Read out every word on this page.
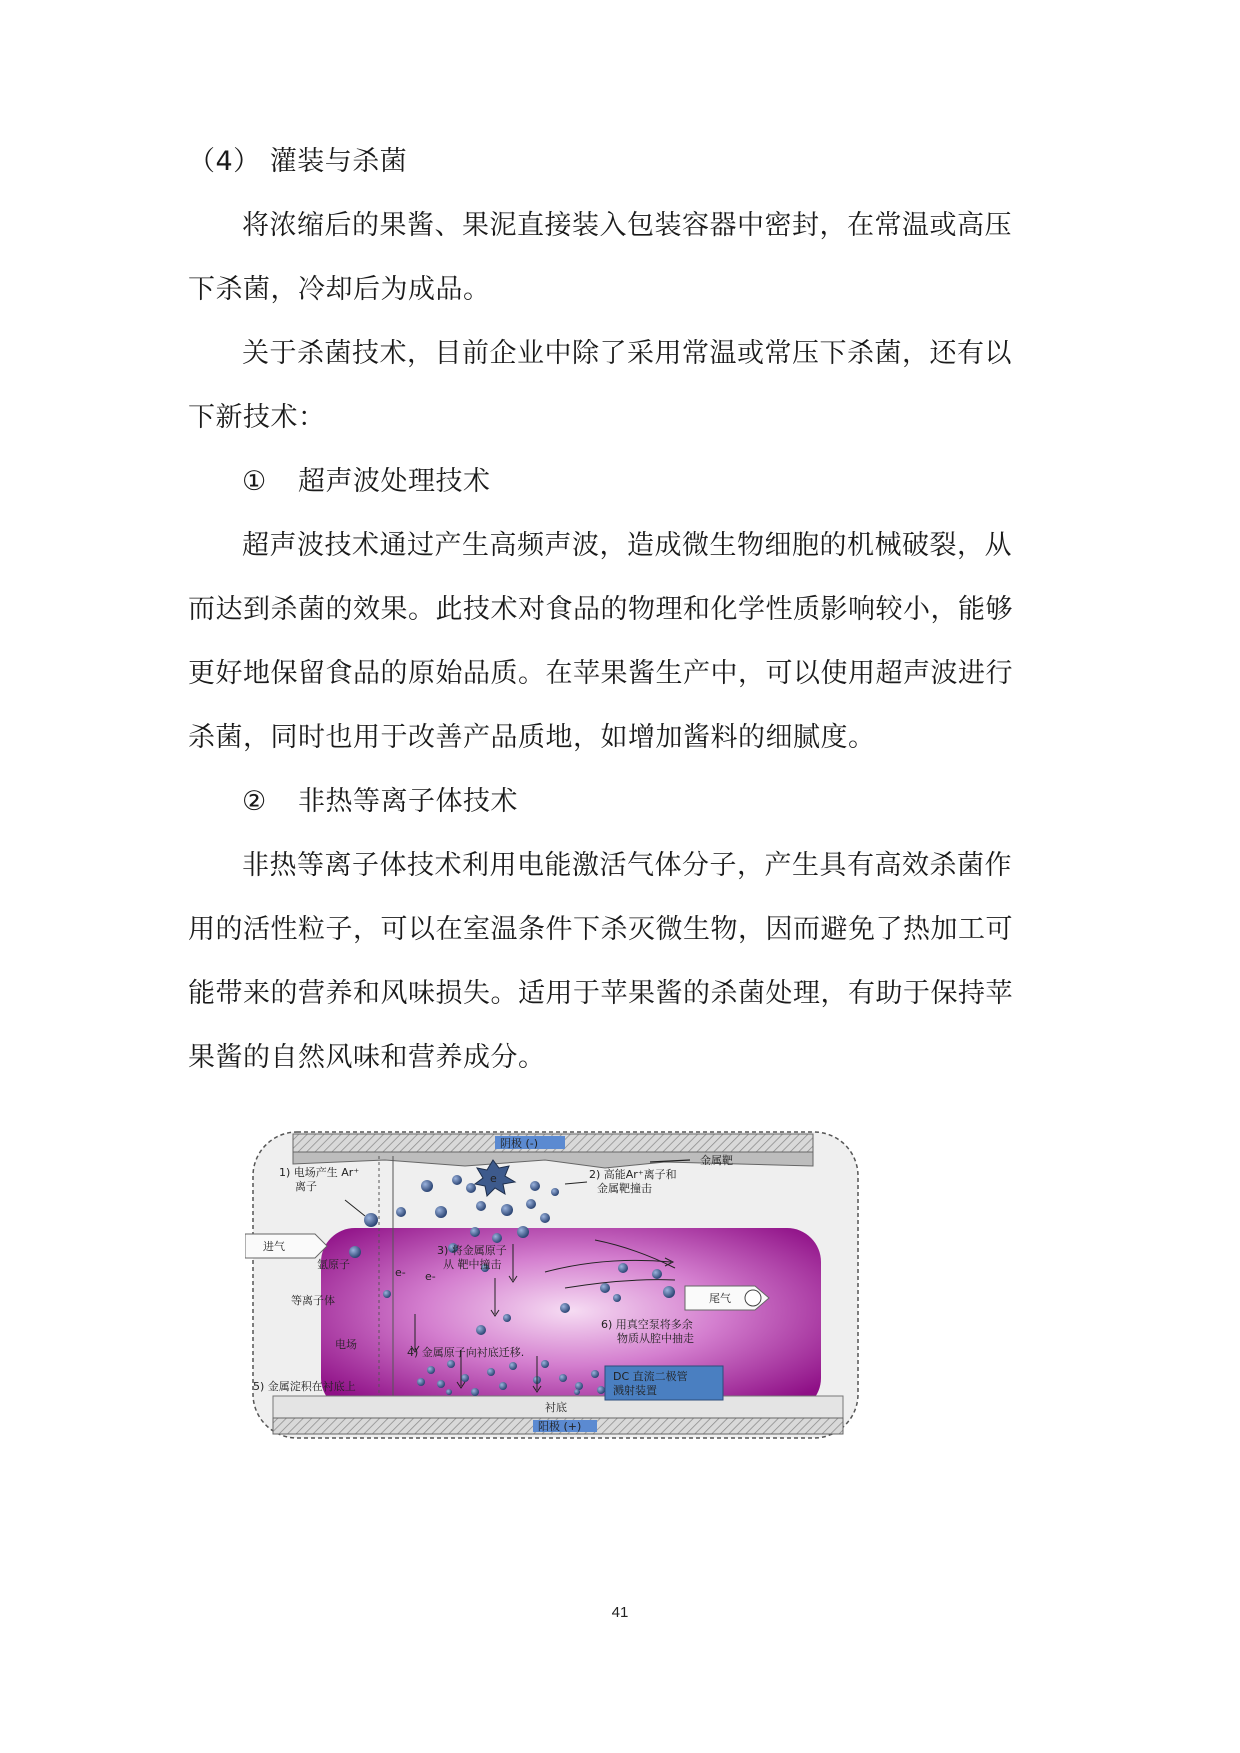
（4） 灌装与杀菌
将浓缩后的果酱、果泥直接装入包装容器中密封，在常温或高压
下杀菌，冷却后为成品。
关于杀菌技术，目前企业中除了采用常温或常压下杀菌，还有以
下新技术：
① 超声波处理技术
超声波技术通过产生高频声波，造成微生物细胞的机械破裂，从
而达到杀菌的效果。此技术对食品的物理和化学性质影响较小，能够
更好地保留食品的原始品质。在苹果酱生产中，可以使用超声波进行
杀菌，同时也用于改善产品质地，如增加酱料的细腻度。
② 非热等离子体技术
非热等离子体技术利用电能激活气体分子，产生具有高效杀菌作
用的活性粒子，可以在室温条件下杀灭微生物，因而避免了热加工可
能带来的营养和风味损失。适用于苹果酱的杀菌处理，有助于保持苹
果酱的自然风味和营养成分。
阴极 (-)
金属靶
进气
尾气
衬底
阳极 (+)
DC 直流二极管
溅射装置
e
1) 电场产生 Ar⁺
离子
2) 高能Ar⁺离子和
金属靶撞击
氩原子
3) 将金属原子
从 靶中撞击
等离子体
电场
4) 金属原子向衬底迁移.
6) 用真空泵将多余
物质从腔中抽走
5) 金属淀积在衬底上
e- e-
41
